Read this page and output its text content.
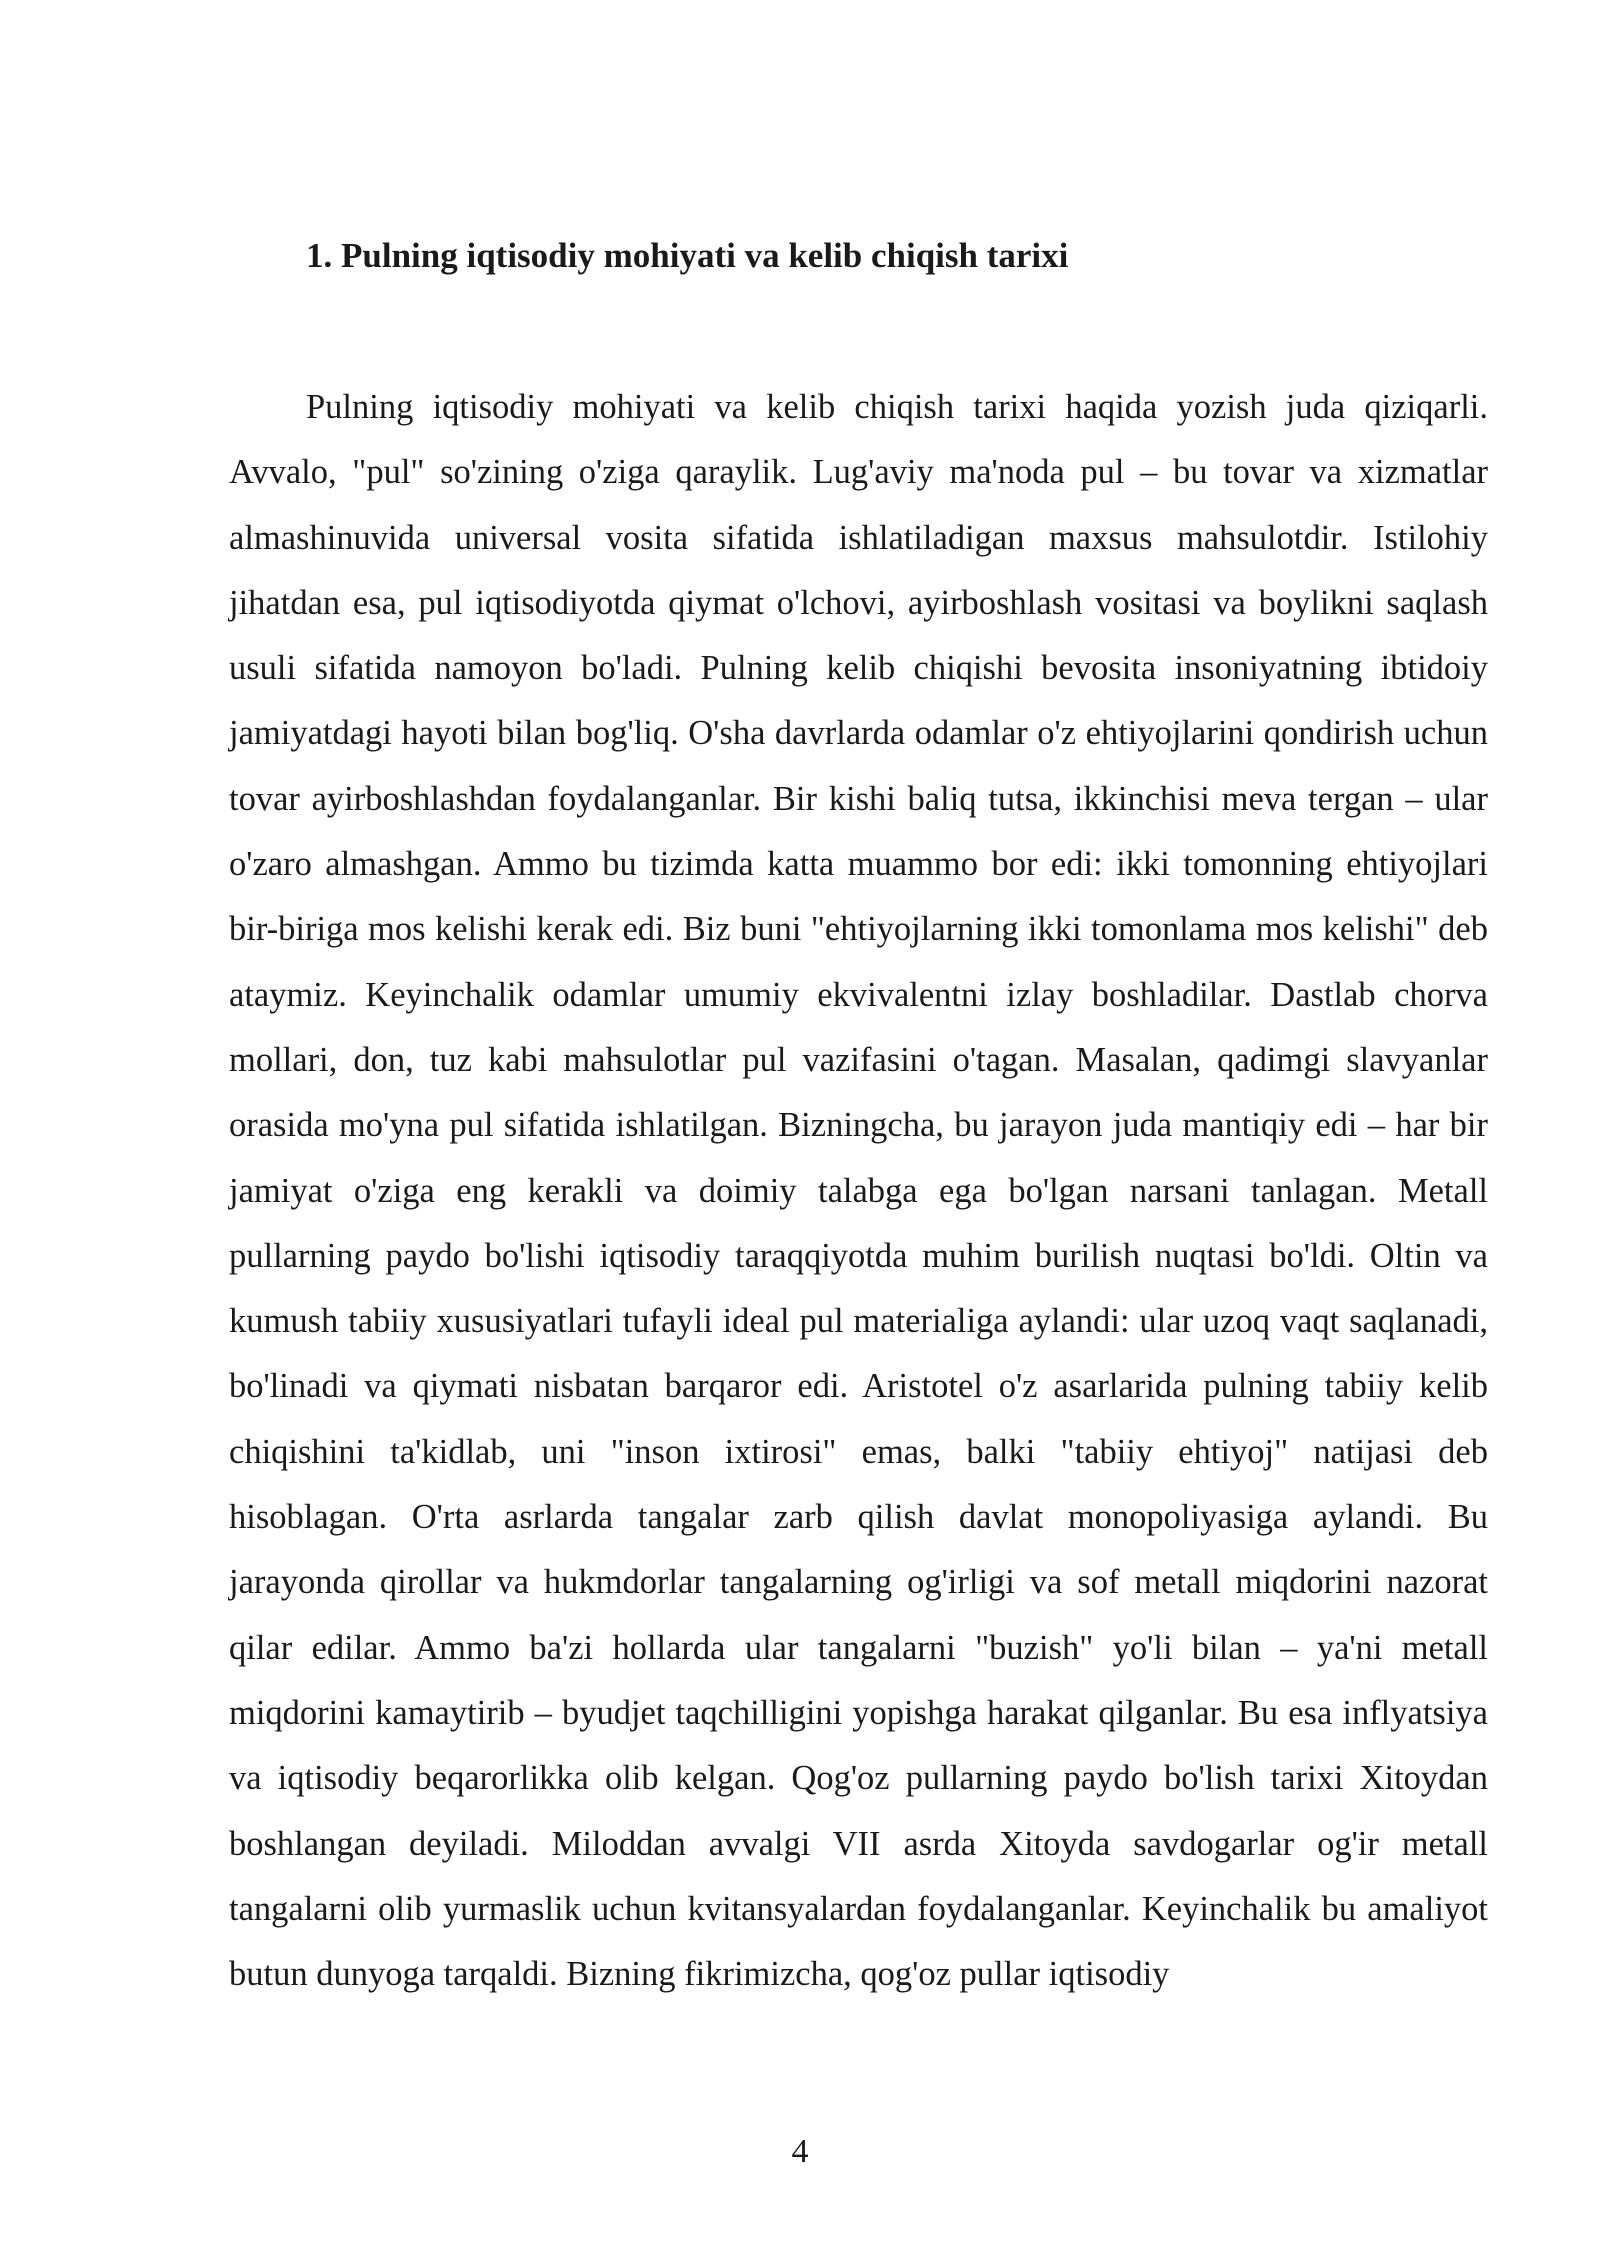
1. Pulning iqtisodiy mohiyati va kelib chiqish tarixi

Pulning iqtisodiy mohiyati va kelib chiqish tarixi haqida yozish juda qiziqarli. Avvalo, "pul" so'zining o'ziga qaraylik. Lug'aviy ma'noda pul – bu tovar va xizmatlar almashinuvida universal vosita sifatida ishlatiladigan maxsus mahsulotdir. Istilohiy jihatdan esa, pul iqtisodiyotda qiymat o'lchovi, ayirboshlash vositasi va boylikni saqlash usuli sifatida namoyon bo'ladi. Pulning kelib chiqishi bevosita insoniyatning ibtidoiy jamiyatdagi hayoti bilan bog'liq. O'sha davrlarda odamlar o'z ehtiyojlarini qondirish uchun tovar ayirboshlashdan foydalanganlar. Bir kishi baliq tutsa, ikkinchisi meva tergan – ular o'zaro almashgan. Ammo bu tizimda katta muammo bor edi: ikki tomonning ehtiyojlari bir-biriga mos kelishi kerak edi. Biz buni "ehtiyojlarning ikki tomonlama mos kelishi" deb ataymiz. Keyinchalik odamlar umumiy ekvivalentni izlay boshladilar. Dastlab chorva mollari, don, tuz kabi mahsulotlar pul vazifasini o'tagan. Masalan, qadimgi slavyanlar orasida mo'yna pul sifatida ishlatilgan. Bizningcha, bu jarayon juda mantiqiy edi – har bir jamiyat o'ziga eng kerakli va doimiy talabga ega bo'lgan narsani tanlagan. Metall pullarning paydo bo'lishi iqtisodiy taraqqiyotda muhim burilish nuqtasi bo'ldi. Oltin va kumush tabiiy xususiyatlari tufayli ideal pul materialiga aylandi: ular uzoq vaqt saqlanadi, bo'linadi va qiymati nisbatan barqaror edi. Aristotel o'z asarlarida pulning tabiiy kelib chiqishini ta'kidlab, uni "inson ixtirosi" emas, balki "tabiiy ehtiyoj" natijasi deb hisoblagan. O'rta asrlarda tangalar zarb qilish davlat monopoliyasiga aylandi. Bu jarayonda qirollar va hukmdorlar tangalarning og'irligi va sof metall miqdorini nazorat qilar edilar. Ammo ba'zi hollarda ular tangalarni "buzish" yo'li bilan – ya'ni metall miqdorini kamaytirib – byudjet taqchilligini yopishga harakat qilganlar. Bu esa inflyatsiya va iqtisodiy beqarorlikka olib kelgan. Qog'oz pullarning paydo bo'lish tarixi Xitoydan boshlangan deyiladi. Miloddan avvalgi VII asrda Xitoyda savdogarlar og'ir metall tangalarni olib yurmaslik uchun kvitansyalardan foydalanganlar. Keyinchalik bu amaliyot butun dunyoga tarqaldi. Bizning fikrimizcha, qog'oz pullar iqtisodiy

4
